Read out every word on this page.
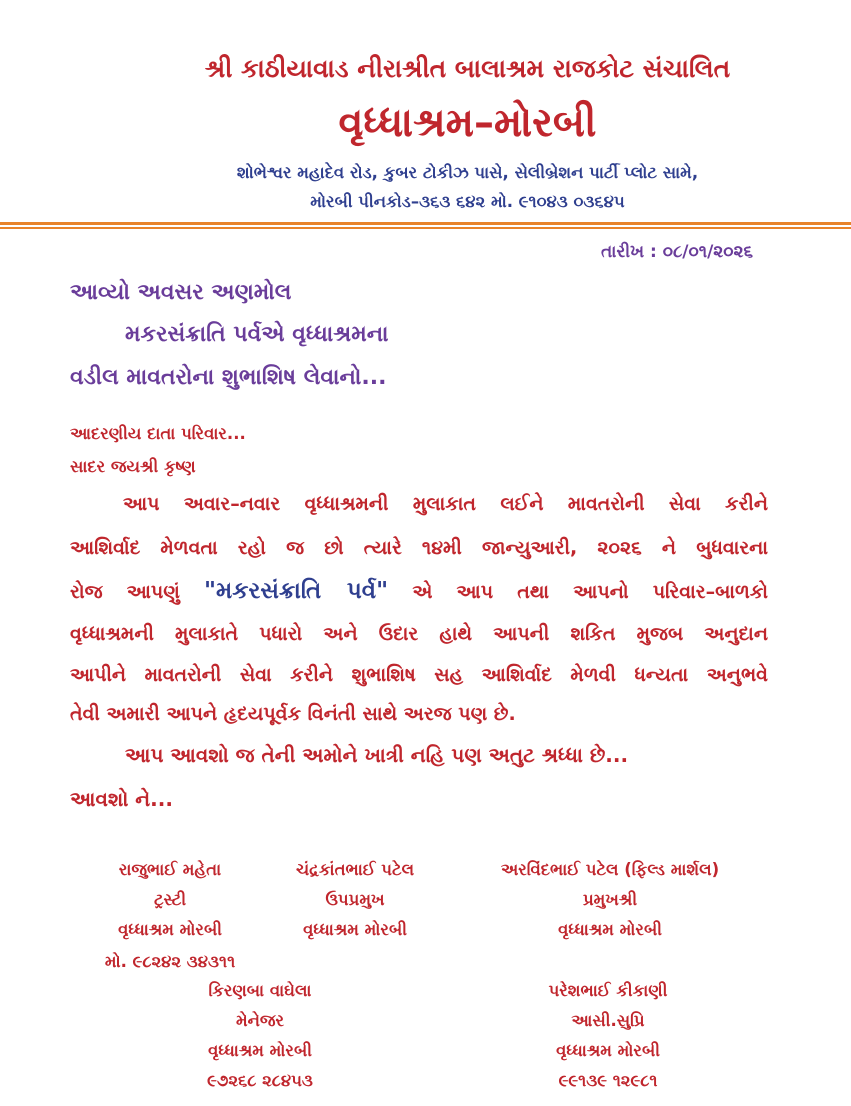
શ્રી કાઠીયાવાડ નીરાશ્રીત બાલાશ્રમ રાજકોટ સંચાલિત
વૃધ્ધાશ્રમ–મોરબી
શોભેશ્વર મહાદેવ રોડ, કુબર ટોકીઝ પાસે, સેલીબ્રેશન પાર્ટી પ્લોટ સામે,
મોરબી પીનકોડ–૩૬૩ ૬૪૨ મો. ૯૧૦૪૩ ૦૩૬૪૫
તારીખ : ૦૮/૦૧/૨૦૨૬
આવ્યો અવસર અણમોલ
મકરસંક્રાતિ પર્વએ વૃધ્ધાશ્રમના
વડીલ માવતરોના શુભાશિષ લેવાનો...
આદરણીય દાતા પરિવાર...
સાદર જયશ્રી કૃષ્ણ
આપ અવાર–નવાર વૃધ્ધાશ્રમની મુલાકાત લઈને માવતરોની સેવા કરીને
આશિર્વાદ મેળવતા રહો જ છો ત્યારે ૧૪મી જાન્યુઆરી, ૨૦૨૬ ને બુધવારના
રોજ આપણું "મકરસંક્રાતિ પર્વ" એ આપ તથા આપનો પરિવાર–બાળકો
વૃધ્ધાશ્રમની મુલાકાતે પધારો અને ઉદાર હાથે આપની શકિત મુજબ અનુદાન
આપીને માવતરોની સેવા કરીને શુભાશિષ સહ આશિર્વાદ મેળવી ધન્યતા અનુભવે
તેવી અમારી આપને હૃદયપૂર્વક વિનંતી સાથે અરજ પણ છે.
આપ આવશો જ તેની અમોને ખાત્રી નહિ પણ અતુટ શ્રધ્ધા છે...
આવશો ને...
રાજુભાઈ મહેતા
ટ્રસ્ટી
વૃધ્ધાશ્રમ મોરબી
મો. ૯૮૨૪૨ ૩૪૩૧૧
ચંદ્રકાંતભાઈ પટેલ
ઉપપ્રમુખ
વૃધ્ધાશ્રમ મોરબી
અરવિંદભાઈ પટેલ (ફિલ્ડ માર્શલ)
પ્રમુખશ્રી
વૃધ્ધાશ્રમ મોરબી
કિરણબા વાઘેલા
મેનેજર
વૃધ્ધાશ્રમ મોરબી
૯૭૨૬૮ ૨૮૪૫૩
પરેશભાઈ કીકાણી
આસી.સુપ્રિ
વૃધ્ધાશ્રમ મોરબી
૯૯૧૩૯ ૧૨૯૮૧
